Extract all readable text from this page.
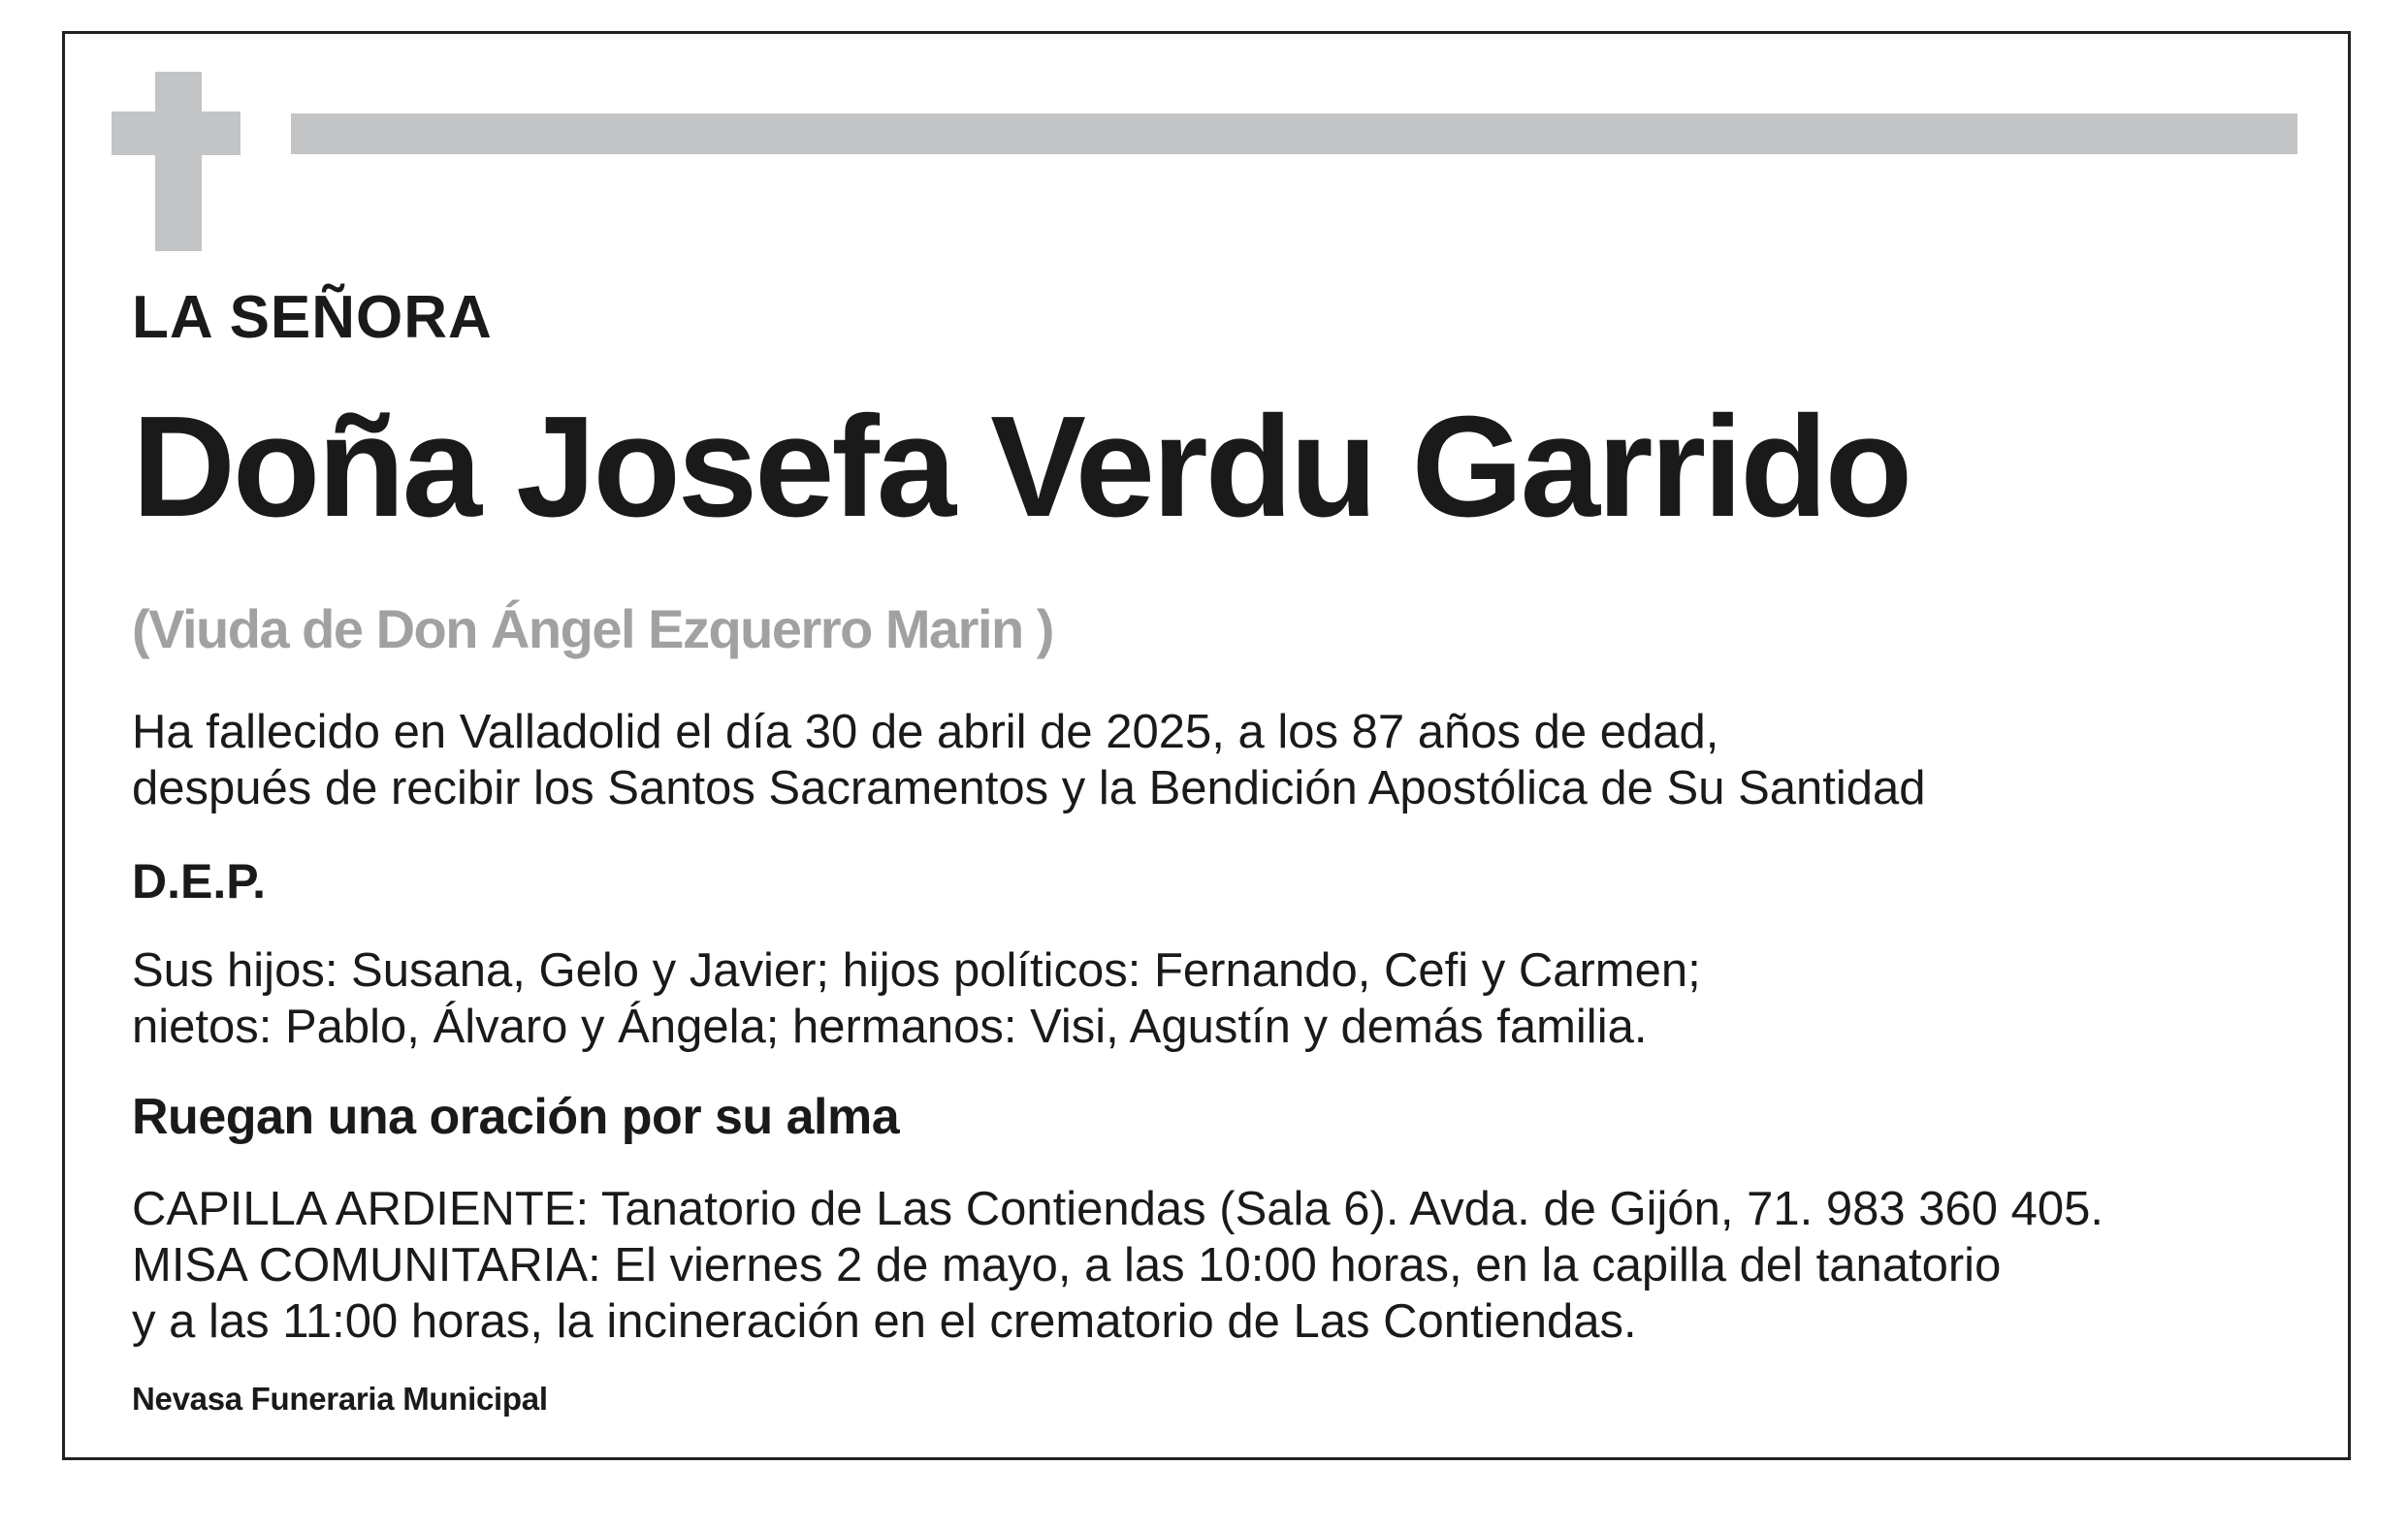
LA SEÑORA
Doña Josefa Verdu Garrido
(Viuda de Don Ángel Ezquerro Marin )
Ha fallecido en Valladolid el día 30 de abril de 2025, a los 87 años de edad,
después de recibir los Santos Sacramentos y la Bendición Apostólica de Su Santidad
D.E.P.
Sus hijos: Susana, Gelo y Javier; hijos políticos: Fernando, Cefi y Carmen;
nietos: Pablo, Álvaro y Ángela; hermanos: Visi, Agustín y demás familia.
Ruegan una oración por su alma
CAPILLA ARDIENTE: Tanatorio de Las Contiendas (Sala 6). Avda. de Gijón, 71. 983 360 405.
MISA COMUNITARIA: El viernes 2 de mayo, a las 10:00 horas, en la capilla del tanatorio
y a las 11:00 horas, la incineración en el crematorio de Las Contiendas.
Nevasa Funeraria Municipal
